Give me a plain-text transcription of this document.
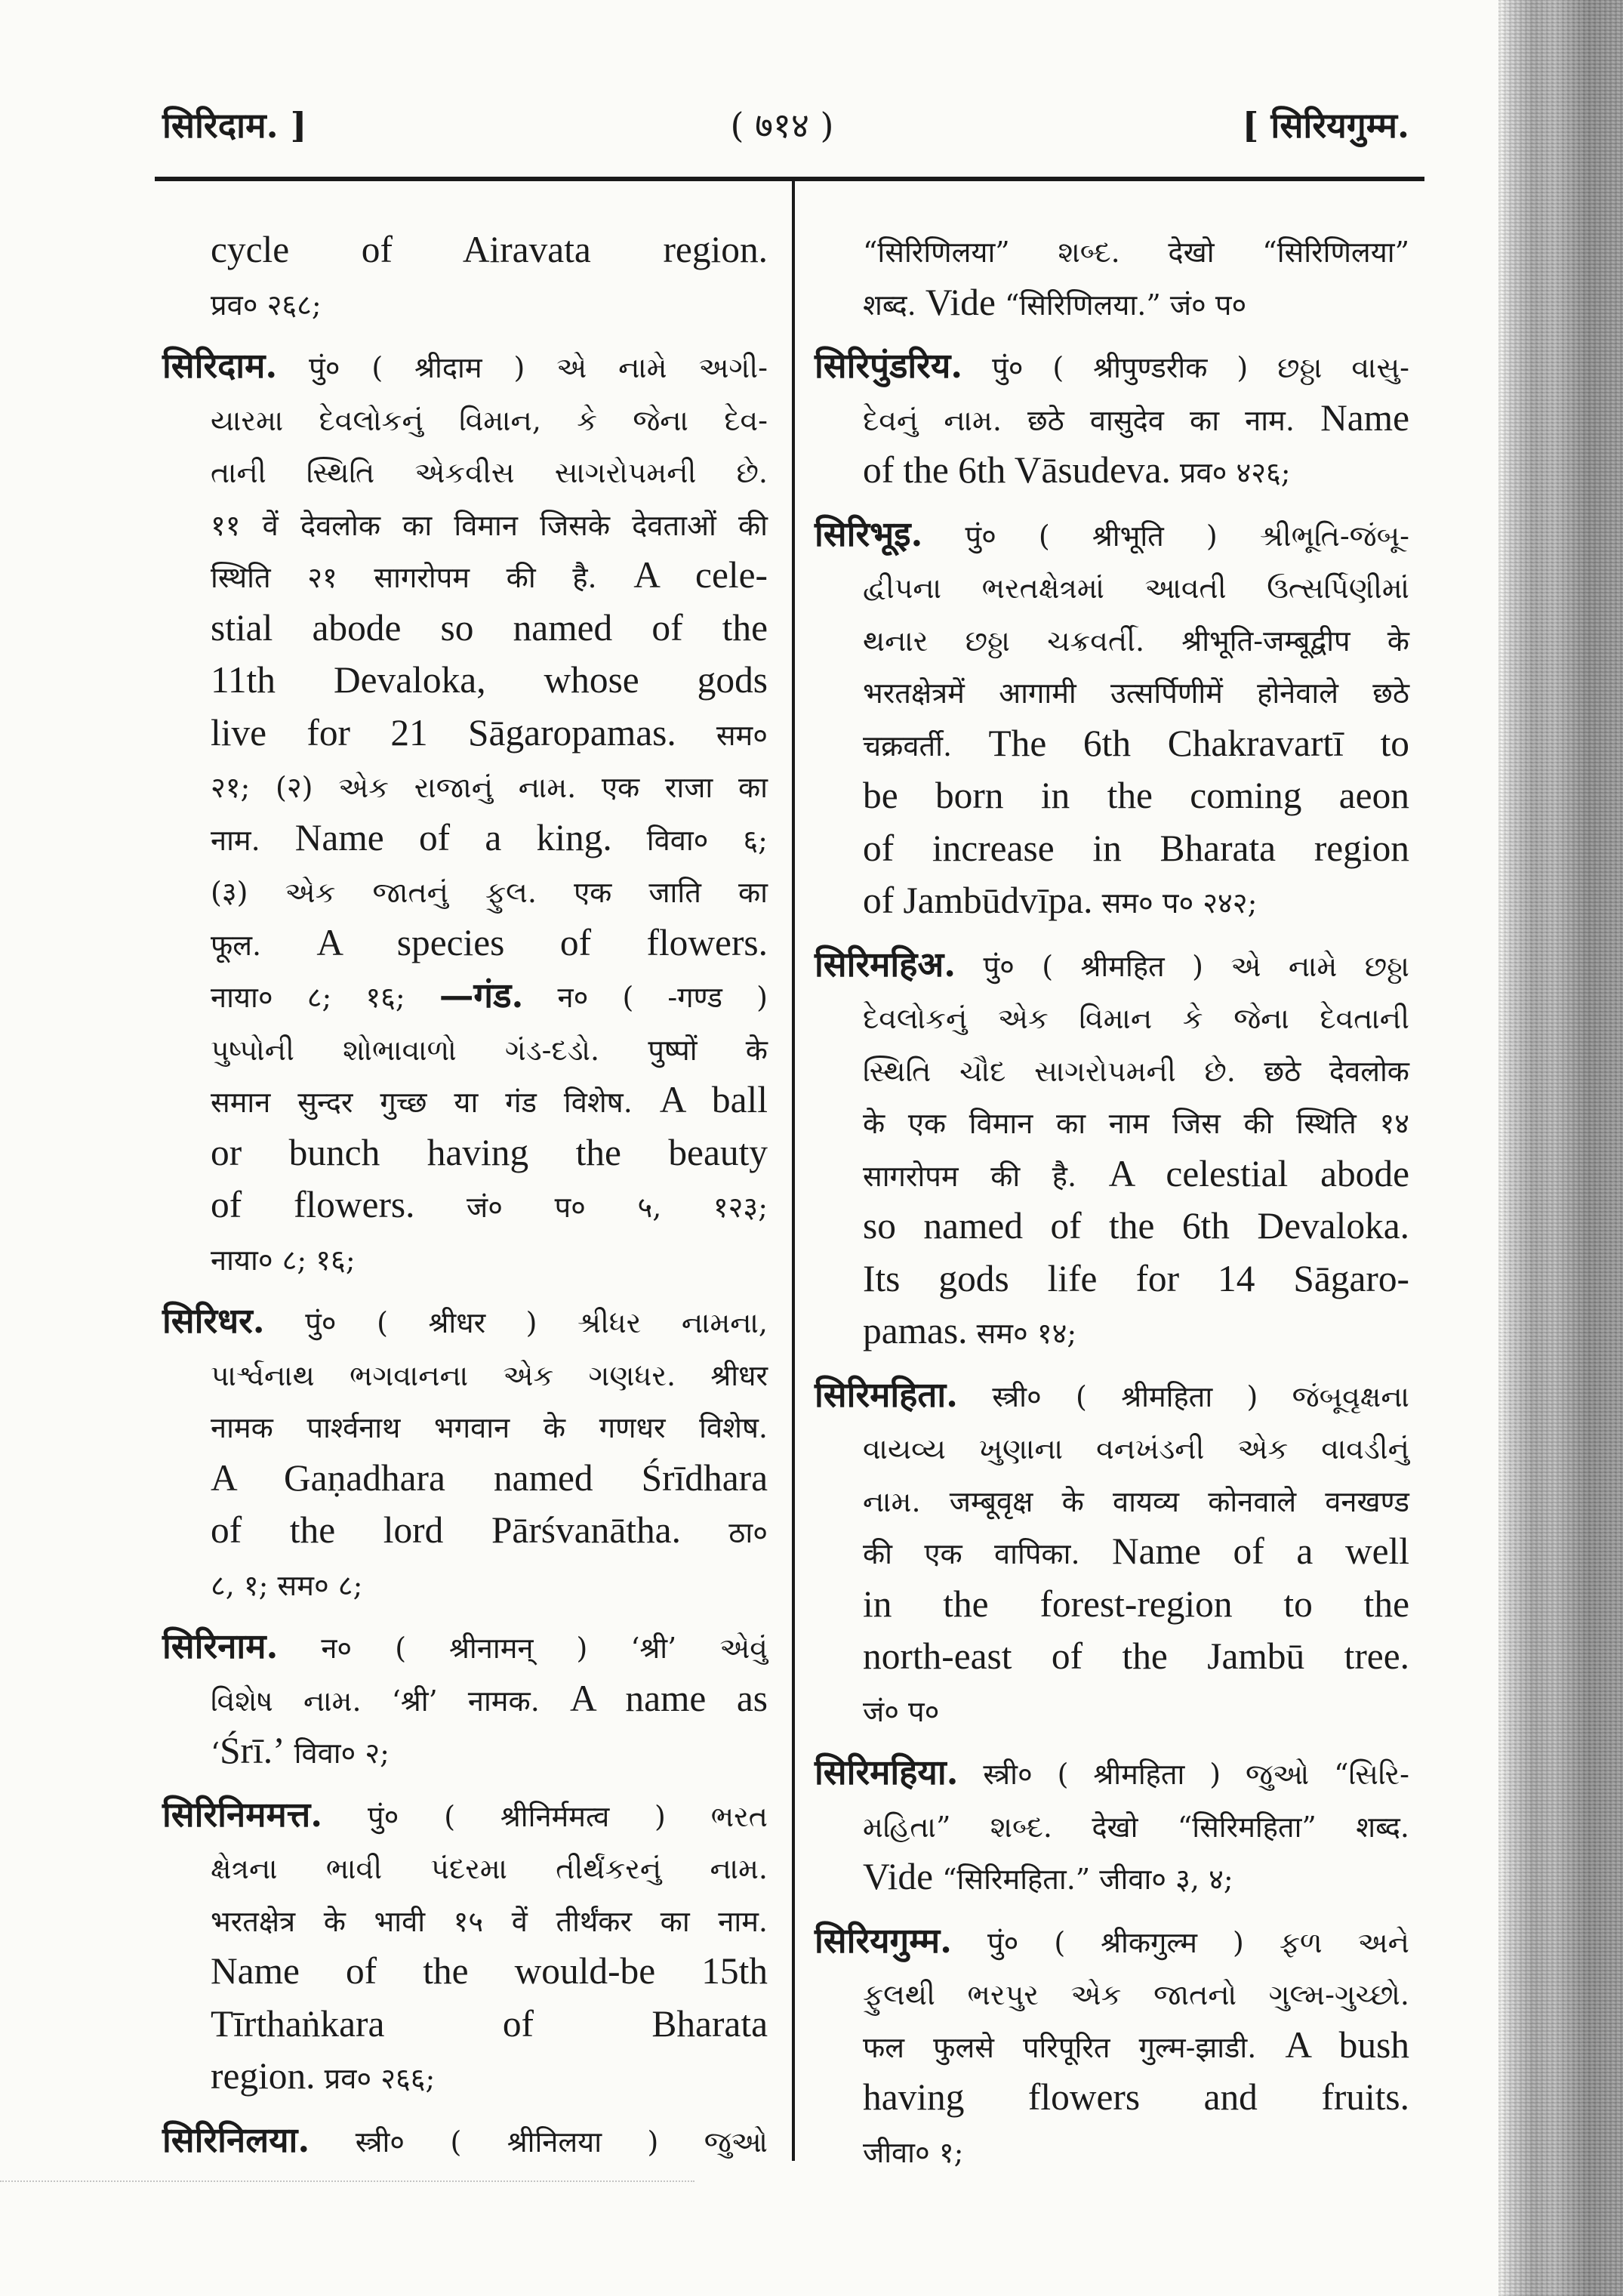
सिरिदाम. ]	( ७१४ )	[ सिरियगुम्म.
cycle of Airavata region.
प्रव० २६८;
सिरिदाम. पुं० ( श्रीदाम ) એ નામે અગી-
યારમા દેવલોકનું વિમાન, કે જેના દેવ-
તાની સ્થિતિ એકવીસ સાગરોપમની છે.
११ वें देवलोक का विमान जिसके देवताओं की
स्थिति २१ सागरोपम की है. A cele-
stial abode so named of the
11th Devaloka, whose gods
live for 21 Sāgaropamas. सम०
२१; (२) એક રાજાનું નામ. एक राजा का
नाम. Name of a king. विवा० ६;
(३) એક જાતનું ફુલ. एक जाति का
फूल. A species of flowers.
नाया० ८; १६; —गंड. न० ( -गण्ड )
પુષ્પોની શોભાવાળો ગંડ-દડો. पुष्पों के
समान सुन्दर गुच्छ या गंड विशेष. A ball
or bunch having the beauty
of flowers. जं० प० ५, १२३;
नाया० ८; १६;
सिरिधर. पुं० ( श्रीधर ) શ્રીધર નામના,
પાર્શ્વનાથ ભગવાનના એક ગણધર. श्रीधर
नामक पार्श्वनाथ भगवान के गणधर विशेष.
A Gaṇadhara named Śrīdhara
of the lord Pārśvanātha. ठा०
८, १; सम० ८;
सिरिनाम. न० ( श्रीनामन् ) ‘श्री’ એવું
વિશેષ નામ. ‘श्री’ नामक. A name as
‘Śrī.’ विवा० २;
सिरिनिममत्त. पुं० ( श्रीनिर्ममत्व ) ભરત
ક્ષેત્રના ભાવી પંદરમા તીર્થંકરનું નામ.
भरतक्षेत्र के भावी १५ वें तीर्थंकर का नाम.
Name of the would-be 15th
Tīrthaṅkara of Bharata
region. प्रव० २६६;
सिरिनिलया. स्त्री० ( श्रीनिलया ) જુઓ
“सिरिणिलया” શબ્દ. देखो “सिरिणिलया”
शब्द. Vide “सिरिणिलया.” जं० प०
सिरिपुंडरिय. पुं० ( श्रीपुण्डरीक ) છઠ્ઠા વાસુ-
દેવનું નામ. छठे वासुदेव का नाम. Name
of the 6th Vāsudeva. प्रव० ४२६;
सिरिभूइ. पुं० ( श्रीभूति ) શ્રીભૂતિ-જંબૂ-
દ્વીપના ભરતક્ષેત્રમાં આવતી ઉત્સર્પિણીમાં
થનાર છઠ્ઠા ચક્રવર્તી. श्रीभूति-जम्बूद्वीप के
भरतक्षेत्रमें आगामी उत्सर्पिणीमें होनेवाले छठे
चक्रवर्ती. The 6th Chakravartī to
be born in the coming aeon
of increase in Bharata region
of Jambūdvīpa. सम० प० २४२;
सिरिमहिअ. पुं० ( श्रीमहित ) એ નામે છઠ્ઠા
દેવલોકનું એક વિમાન કે જેના દેવતાની
સ્થિતિ ચૌદ સાગરોપમની છે. छठे देवलोक
के एक विमान का नाम जिस की स्थिति १४
सागरोपम की है. A celestial abode
so named of the 6th Devaloka.
Its gods life for 14 Sāgaro-
pamas. सम० १४;
सिरिमहिता. स्त्री० ( श्रीमहिता ) જંબૂવૃક્ષના
વાયવ્ય ખુણાના વનખંડની એક વાવડીનું
નામ. जम्बूवृक्ष के वायव्य कोनवाले वनखण्ड
की एक वापिका. Name of a well
in the forest-region to the
north-east of the Jambū tree.
जं० प०
सिरिमहिया. स्त्री० ( श्रीमहिता ) જુઓ “સિરિ-
મહિતા” શબ્દ. देखो “सिरिमहिता” शब्द.
Vide “सिरिमहिता.” जीवा० ३, ४;
सिरियगुम्म. पुं० ( श्रीकगुल्म ) ફળ અને
ફુલથી ભરપુર એક જાતનો ગુલ્મ-ગુચ્છો.
फल फुलसे परिपूरित गुल्म-झाडी. A bush
having flowers and fruits.
जीवा० १;
